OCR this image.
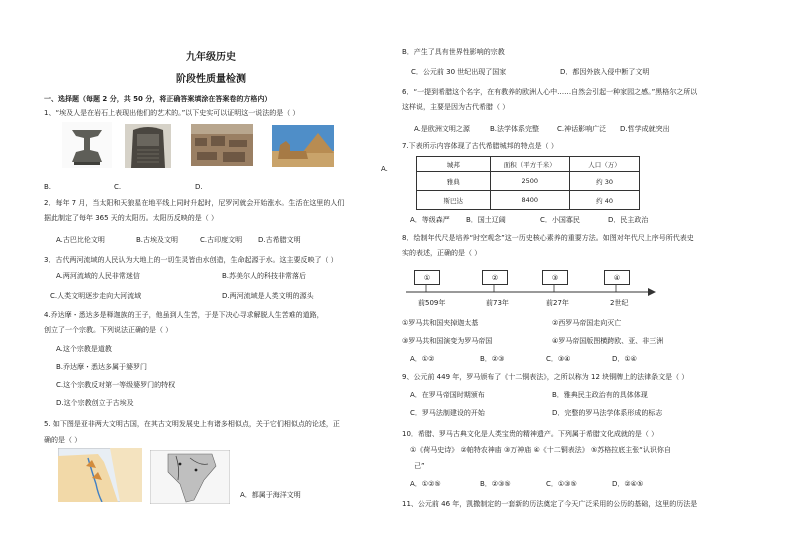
九年级历史
阶段性质量检测
一、选择题（每题 2 分，共 50 分，将正确答案填涂在答案卷的方格内）
1、“埃及人是在岩石上表现出他们的艺术的。”以下史实可以证明这一说法的是（ ）
B.	C.	D.
A.
2．每年 7 月，当太阳和天狼星在地平线上同时升起时，尼罗河就会开始涨水。生活在这里的人们
据此制定了每年 365 天的太阳历。太阳历反映的是（ ）
A.古巴比伦文明	B.古埃及文明	C.古印度文明 D.古希腊文明
3．古代两河流域的人民认为大地上的一切生灵皆由水创造，生命起源于水。这主要反映了（ ）
A.两河流域的人民非常迷信	B.苏美尔人的科技非常落后
C.人类文明逐步走向大河流域	D.两河流域是人类文明的源头
4.乔达摩・悉达多是释迦族的王子，他虽到人生苦，于是下决心寻求解脱人生苦难的道路，
创立了一个宗教。下列说法正确的是（ ）
A.这个宗教是道教
B.乔达摩・悉达多属于婆罗门
C.这个宗教反对第一等级婆罗门的特权
D.这个宗教创立于古埃及
5. 如下图是亚非两大文明古国，在其古文明发展史上有诸多相似点，关于它们相似点的论述，正
确的是（ ）
A．都属于海洋文明
B．产生了具有世界性影响的宗教
C．公元前 30 世纪出现了国家	D．都因外族入侵中断了文明
6．“一提到希腊这个名字，在有教养的欧洲人心中……自然会引起一种家园之感。”黑格尔之所以
这样说，主要是因为古代希腊（ ）
A.是欧洲文明之源	B.法学体系完整	C.神话影响广泛 D.哲学成就突出
7.下表所示内容体现了古代希腊城邦的特点是（ ）
城邦	面积（平方千米）	人口（万）
雅典	2500	约 30
斯巴达	8400	约 40
A．等级森严 B．国土辽阔	C．小国寡民	D．民主政治
8．绘制年代尺是培养“时空观念”这一历史核心素养的重要方法。如图对年代尺上序号所代表史
实的表述，正确的是（ ）
①	②	③	④
前509年	前73年	前27年	2世纪
①罗马共和国夹掉迦太基	②西罗马帝国走向灭亡
③罗马共和国演变为罗马帝国	④罗马帝国版图横跨欧、亚、非三洲
A．①②	B．②③	C．③④	D．①④
9、公元前 449 年，罗马颁布了《十二铜表法》，之所以称为 12 块铜牌上的法律条文是（ ）
A．在罗马帝国时期颁布	B．雅典民主政治有的具体体现
C．罗马法制建设的开始	D．完整的罗马法学体系形成的标志
10．希腊、罗马古典文化是人类宝贵的精神遗产。下列属于希腊文化成就的是（ ）
①《荷马史诗》 ②帕特农神庙 ③万神庙 ④《十二铜表法》 ⑤苏格拉底主张“认识你自
己”
A．①②⑤	B．②③⑤	C．①③⑤	D．②④⑤
11、公元前 46 年，凯撒制定的一套新的历法奠定了今天广泛采用的公历的基础，这里的历法是
